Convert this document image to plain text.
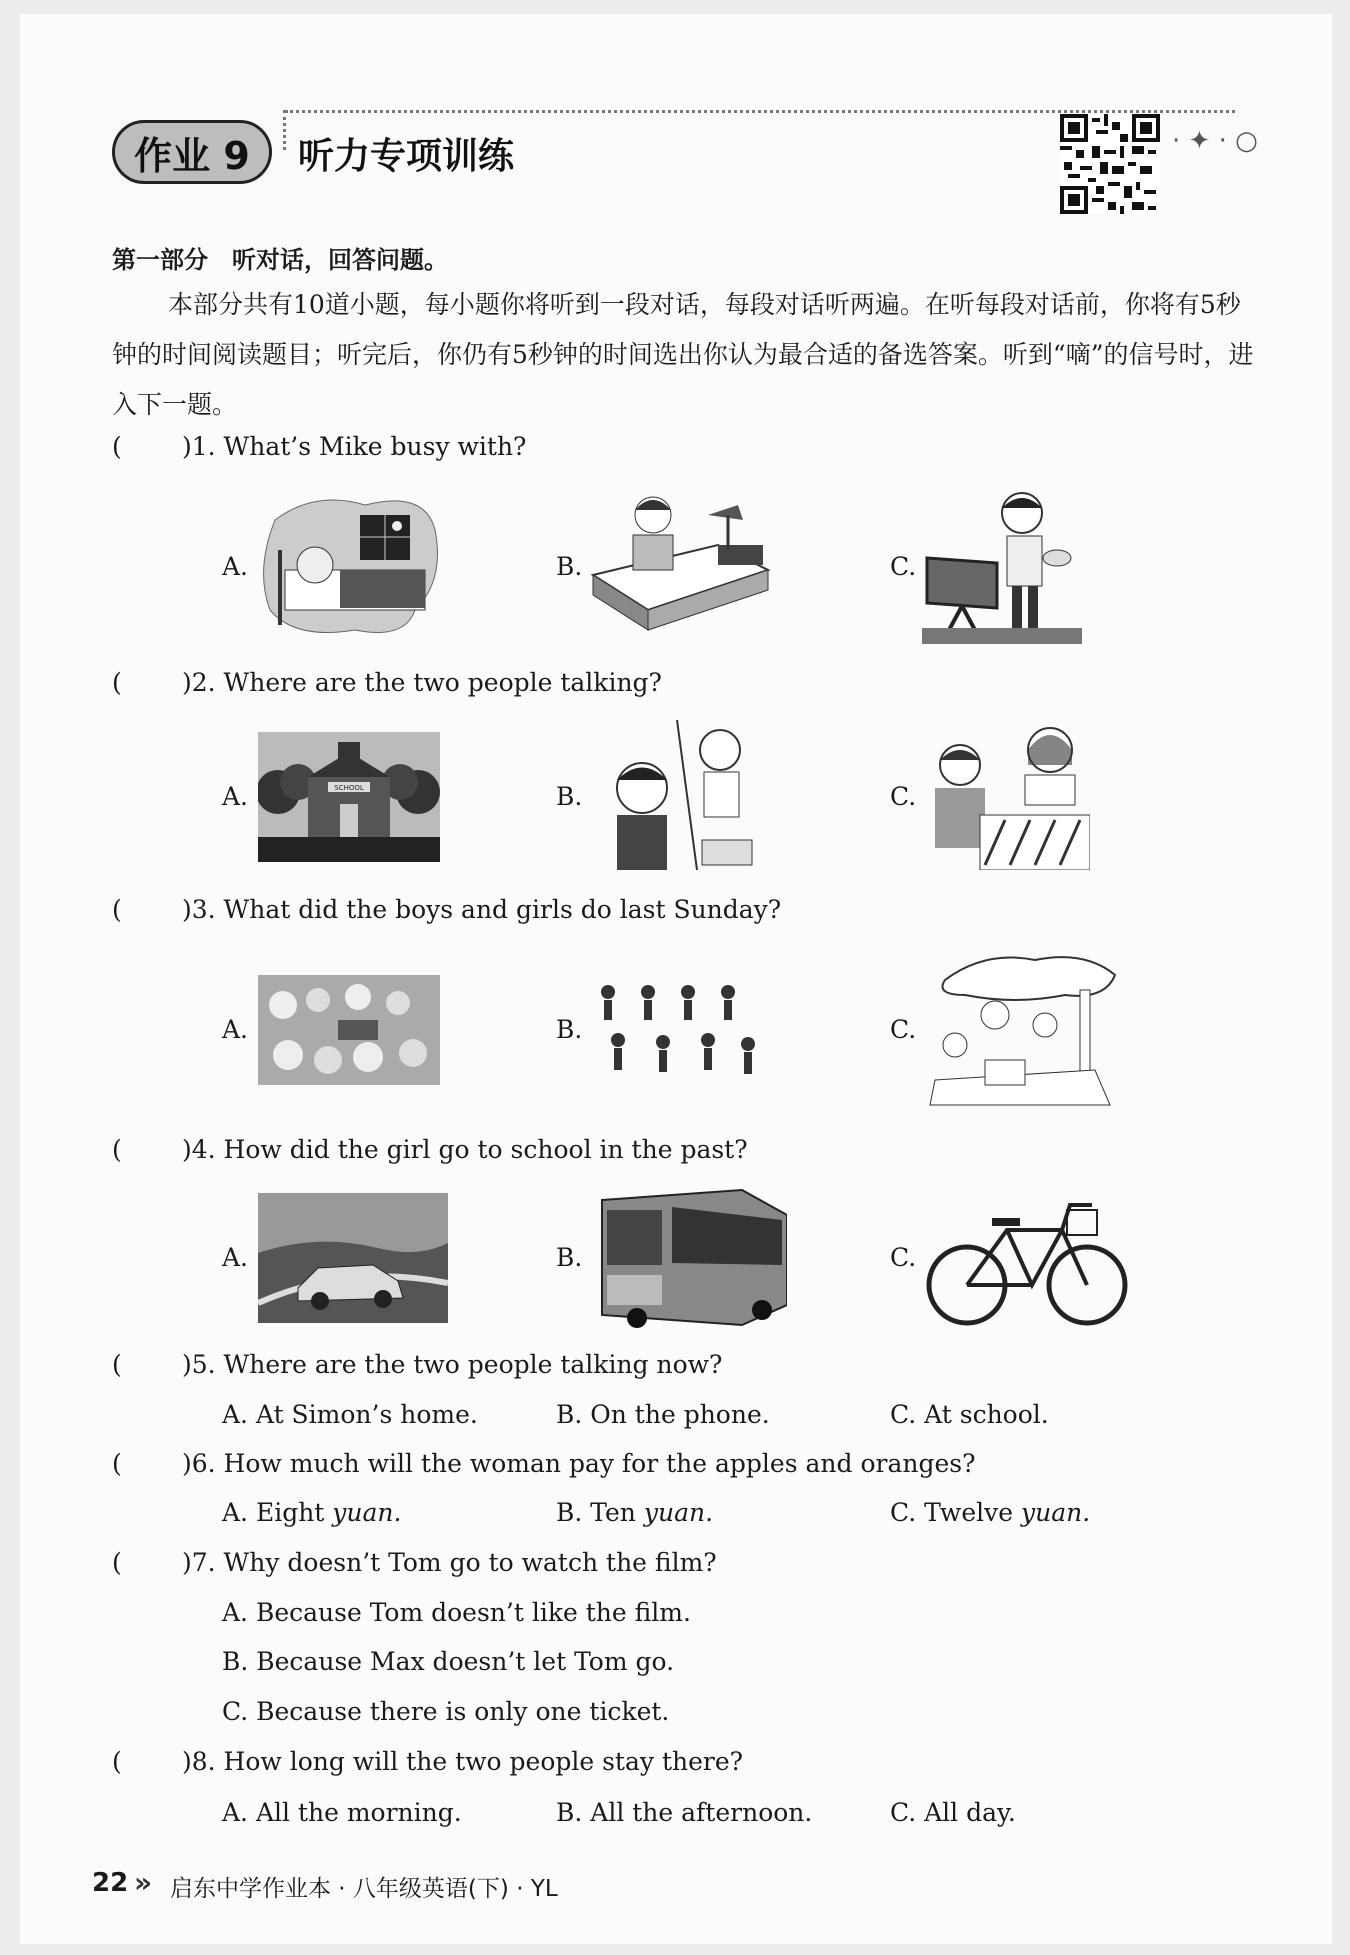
作业 9	听力专项训练	· ✦ · ○
第一部分　听对话，回答问题。
本部分共有10道小题，每小题你将听到一段对话，每段对话听两遍。在听每段对话前，你将有5秒钟的时间阅读题目；听完后，你仍有5秒钟的时间选出你认为最合适的备选答案。听到“嘀”的信号时，进入下一题。
( )1. What’s Mike busy with?
A.	B.	C.
( )2. Where are the two people talking?
A.	B.	C.
SCHOOL
( )3. What did the boys and girls do last Sunday?
A.	B.	C.
( )4. How did the girl go to school in the past?
A.	B.	C.
( )5. Where are the two people talking now?
A. At Simon’s home.	B. On the phone.	C. At school.
( )6. How much will the woman pay for the apples and oranges?
A. Eight yuan.	B. Ten yuan.	C. Twelve yuan.
( )7. Why doesn’t Tom go to watch the film?
A. Because Tom doesn’t like the film.
B. Because Max doesn’t let Tom go.
C. Because there is only one ticket.
( )8. How long will the two people stay there?
A. All the morning.	B. All the afternoon.	C. All day.
22 » 启东中学作业本 · 八年级英语(下) · YL
